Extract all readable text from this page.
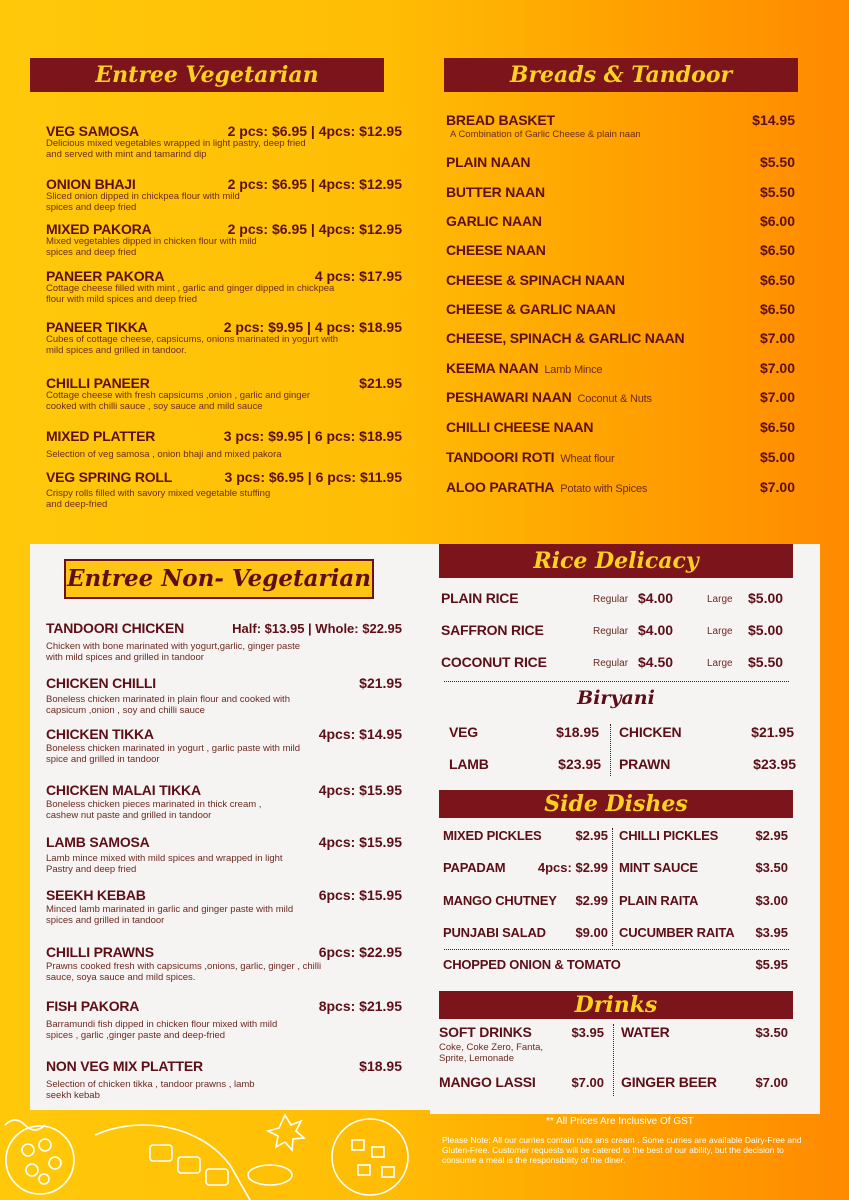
Entree Vegetarian
VEG SAMOSA	2 pcs: $6.95 | 4pcs: $12.95
Delicious mixed vegetables wrapped in light pastry, deep fried and served with mint and tamarind dip
ONION BHAJI	2 pcs: $6.95 | 4pcs: $12.95
Sliced onion dipped in chickpea flour with mild spices and deep fried
MIXED PAKORA	2 pcs: $6.95 | 4pcs: $12.95
Mixed vegetables dipped in chicken flour with mild spices and deep fried
PANEER PAKORA	4 pcs: $17.95
Cottage cheese filled with mint , garlic and ginger dipped in chickpea flour with mild spices and deep fried
PANEER TIKKA	2 pcs: $9.95 | 4 pcs: $18.95
Cubes of cottage cheese, capsicums, onions marinated in yogurt with mild spices and grilled in tandoor.
CHILLI PANEER	$21.95
Cottage cheese with fresh capsicums ,onion , garlic and ginger cooked with chilli sauce , soy sauce and mild sauce
MIXED PLATTER	3 pcs: $9.95 | 6 pcs: $18.95
Selection of veg samosa , onion bhaji and mixed pakora
VEG SPRING ROLL	3 pcs: $6.95 | 6 pcs: $11.95
Crispy rolls filled with savory mixed vegetable stuffing and deep-fried
Breads & Tandoor
BREAD BASKET	$14.95
A Combination of Garlic Cheese & plain naan
PLAIN NAAN	$5.50
BUTTER NAAN	$5.50
GARLIC NAAN	$6.00
CHEESE NAAN	$6.50
CHEESE & SPINACH NAAN	$6.50
CHEESE & GARLIC NAAN	$6.50
CHEESE, SPINACH & GARLIC NAAN	$7.00
KEEMA NAAN Lamb Mince	$7.00
PESHAWARI NAAN Coconut & Nuts	$7.00
CHILLI CHEESE NAAN	$6.50
TANDOORI ROTI Wheat flour	$5.00
ALOO PARATHA Potato with Spices	$7.00
Entree Non- Vegetarian
TANDOORI CHICKEN	Half: $13.95 | Whole: $22.95
Chicken with bone marinated with yogurt,garlic, ginger paste with mild spices and grilled in tandoor
CHICKEN CHILLI	$21.95
Boneless chicken marinated in plain flour and cooked with capsicum ,onion , soy and chilli sauce
CHICKEN TIKKA	4pcs: $14.95
Boneless chicken marinated in yogurt , garlic paste with mild spice and grilled in tandoor
CHICKEN MALAI TIKKA	4pcs: $15.95
Boneless chicken pieces marinated in thick cream , cashew nut paste and grilled in tandoor
LAMB SAMOSA	4pcs: $15.95
Lamb mince mixed with mild spices and wrapped in light Pastry and deep fried
SEEKH KEBAB	6pcs: $15.95
Minced lamb marinated in garlic and ginger paste with mild spices and grilled in tandoor
CHILLI PRAWNS	6pcs: $22.95
Prawns cooked fresh with capsicums ,onions, garlic, ginger , chilli sauce, soya sauce and mild spices.
FISH PAKORA	8pcs: $21.95
Barramundi fish dipped in chicken flour mixed with mild spices , garlic ,ginger paste and deep-fried
NON VEG MIX PLATTER	$18.95
Selection of chicken tikka , tandoor prawns , lamb seekh kebab
Rice Delicacy
PLAIN RICE	Regular $4.00	Large $5.00
SAFFRON RICE	Regular $4.00	Large $5.00
COCONUT RICE	Regular $4.50	Large $5.50
Biryani
VEG	$18.95 CHICKEN	$21.95
LAMB	$23.95 PRAWN	$23.95
Side Dishes
MIXED PICKLES	$2.95 CHILLI PICKLES	$2.95
PAPADAM 4pcs: $2.99 MINT SAUCE	$3.50
MANGO CHUTNEY $2.99 PLAIN RAITA	$3.00
PUNJABI SALAD $9.00 CUCUMBER RAITA $3.95
CHOPPED ONION & TOMATO	$5.95
Drinks
SOFT DRINKS	$3.95
Coke, Coke Zero, Fanta, Sprite, Lemonade
WATER	$3.50
MANGO LASSI	$7.00 GINGER BEER	$7.00
** All Prices Are Inclusive Of GST
Please Note: All our curries contain nuts ans cream . Some curries are available Dairy-Free and Gluten-Free. Customer requests will be catered to the best of our ability, but the decision to consume a meal is the responsibility of the diner.
